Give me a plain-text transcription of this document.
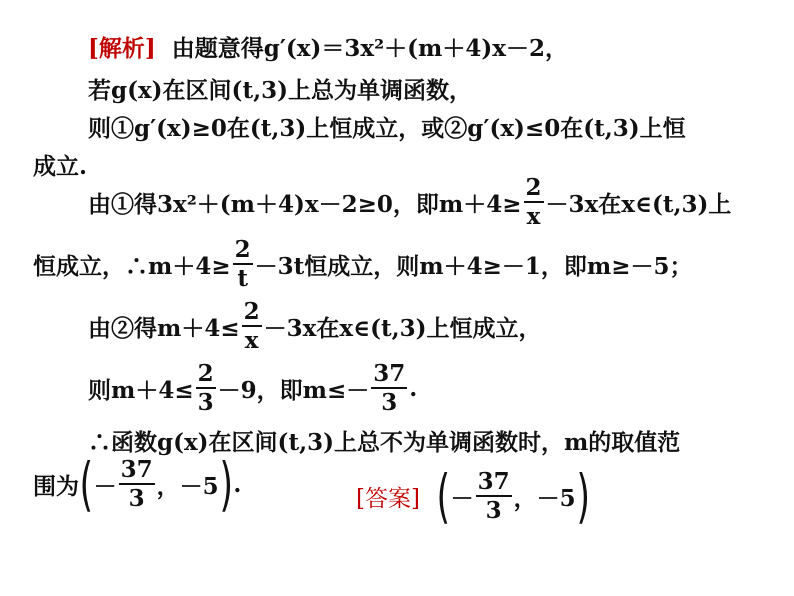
[解析] 由题意得g′(x)＝3x²＋(m＋4)x－2，
若g(x)在区间(t,3)上总为单调函数，
则①g′(x)≥0在(t,3)上恒成立，或②g′(x)≤0在(t,3)上恒
成立.
由①得3x²＋(m＋4)x－2≥0，即$m+4\ge \frac{2}{x} -3x$在x∈(t,3)上
恒成立，∴m＋4≥ $\frac{2}{t} -3t$恒成立，则m＋4≥－1，即m≥－5；
由②得$m+4\le \frac{2}{x} -3x$在x∈(t,3)上恒成立，
则$m+4\le \frac{2}{3} -9$，即$m\le- \frac{37}{3}$ .
∴函数g(x)在区间(t,3)上总不为单调函数时，m的取值范
围为 ( － $\frac{37}{3}$ ，－5 ) .
[答案] ( － $\frac{37}{3}$ ，－5 )
